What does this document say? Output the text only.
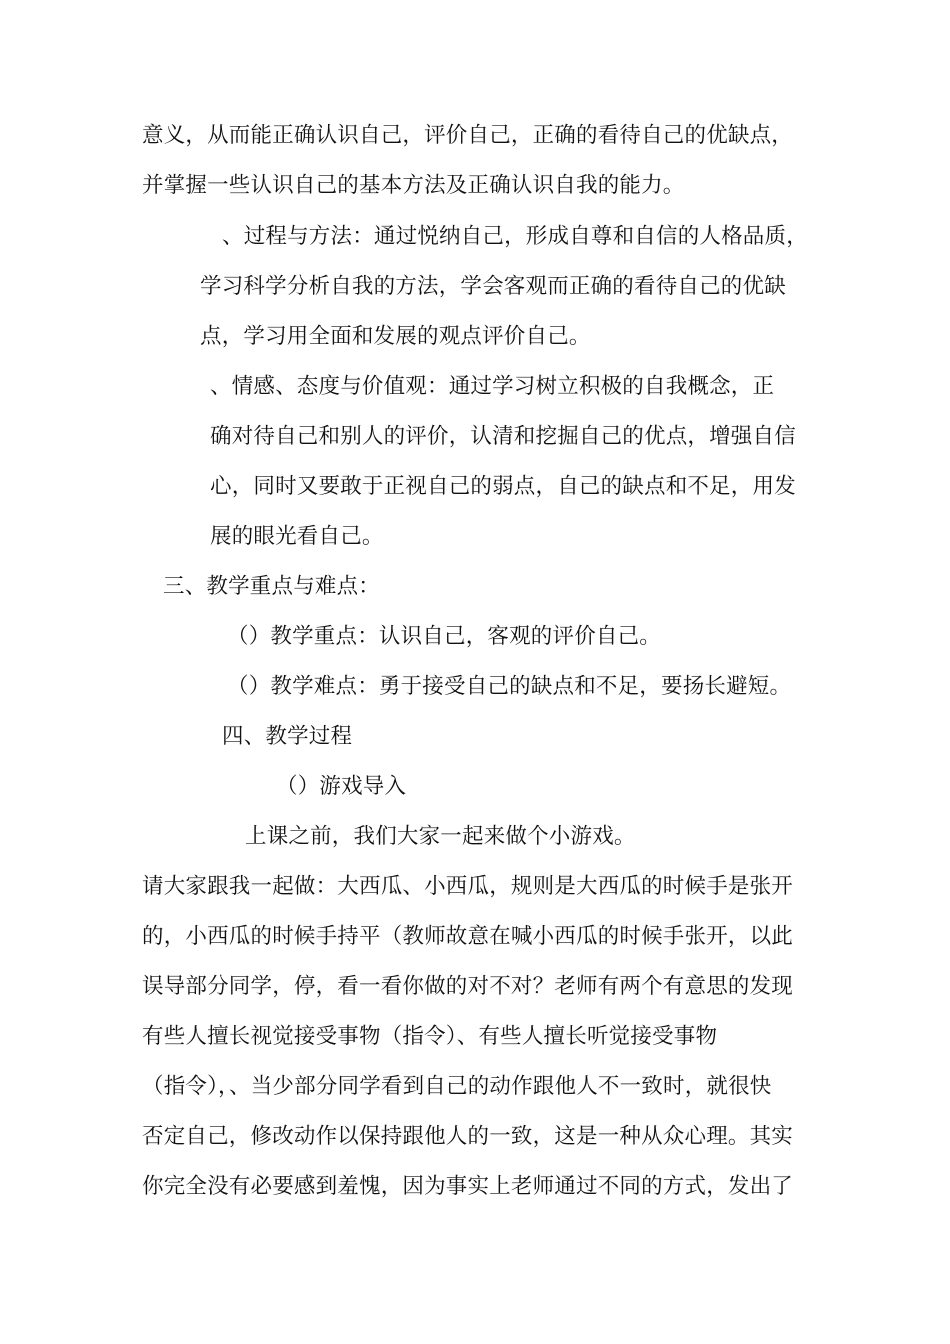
意义，从而能正确认识自己，评价自己，正确的看待自己的优缺点，
并掌握一些认识自己的基本方法及正确认识自我的能力。
、过程与方法：通过悦纳自己，形成自尊和自信的人格品质，
学习科学分析自我的方法，学会客观而正确的看待自己的优缺
点，学习用全面和发展的观点评价自己。
、情感、态度与价值观：通过学习树立积极的自我概念，正
确对待自己和别人的评价，认清和挖掘自己的优点，增强自信
心，同时又要敢于正视自己的弱点，自己的缺点和不足，用发
展的眼光看自己。
三、教学重点与难点：
（）教学重点：认识自己，客观的评价自己。
（）教学难点：勇于接受自己的缺点和不足，要扬长避短。
四、教学过程
（）游戏导入
上课之前，我们大家一起来做个小游戏。
请大家跟我一起做：大西瓜、小西瓜，规则是大西瓜的时候手是张开
的，小西瓜的时候手持平（教师故意在喊小西瓜的时候手张开，以此
误导部分同学，停，看一看你做的对不对？老师有两个有意思的发现
有些人擅长视觉接受事物（指令）、有些人擅长听觉接受事物
（指令），、当少部分同学看到自己的动作跟他人不一致时，就很快
否定自己，修改动作以保持跟他人的一致，这是一种从众心理。其实
你完全没有必要感到羞愧，因为事实上老师通过不同的方式，发出了
